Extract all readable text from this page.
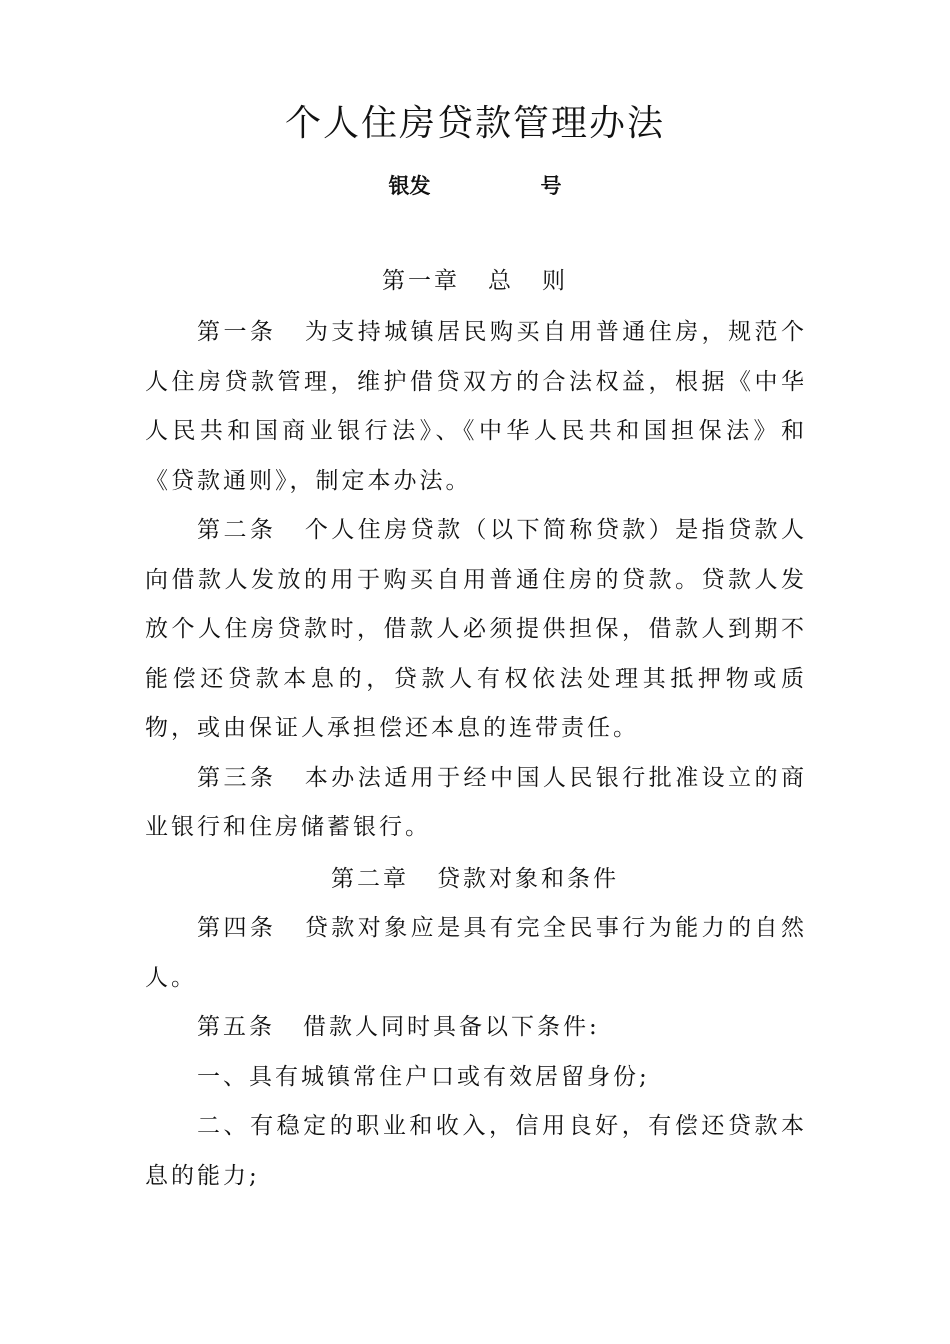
个人住房贷款管理办法
银发	号
第一章 总 则

第一条 为支持城镇居民购买自用普通住房，规范个人住房贷款管理，维护借贷双方的合法权益，根据《中华人民共和国商业银行法》、《中华人民共和国担保法》和《贷款通则》，制定本办法。

第二条 个人住房贷款（以下简称贷款）是指贷款人向借款人发放的用于购买自用普通住房的贷款。贷款人发放个人住房贷款时，借款人必须提供担保，借款人到期不能偿还贷款本息的，贷款人有权依法处理其抵押物或质物，或由保证人承担偿还本息的连带责任。

第三条 本办法适用于经中国人民银行批准设立的商业银行和住房储蓄银行。

第二章 贷款对象和条件

第四条 贷款对象应是具有完全民事行为能力的自然人。

第五条 借款人同时具备以下条件:

一、具有城镇常住户口或有效居留身份;

二、有稳定的职业和收入，信用良好，有偿还贷款本息的能力;
